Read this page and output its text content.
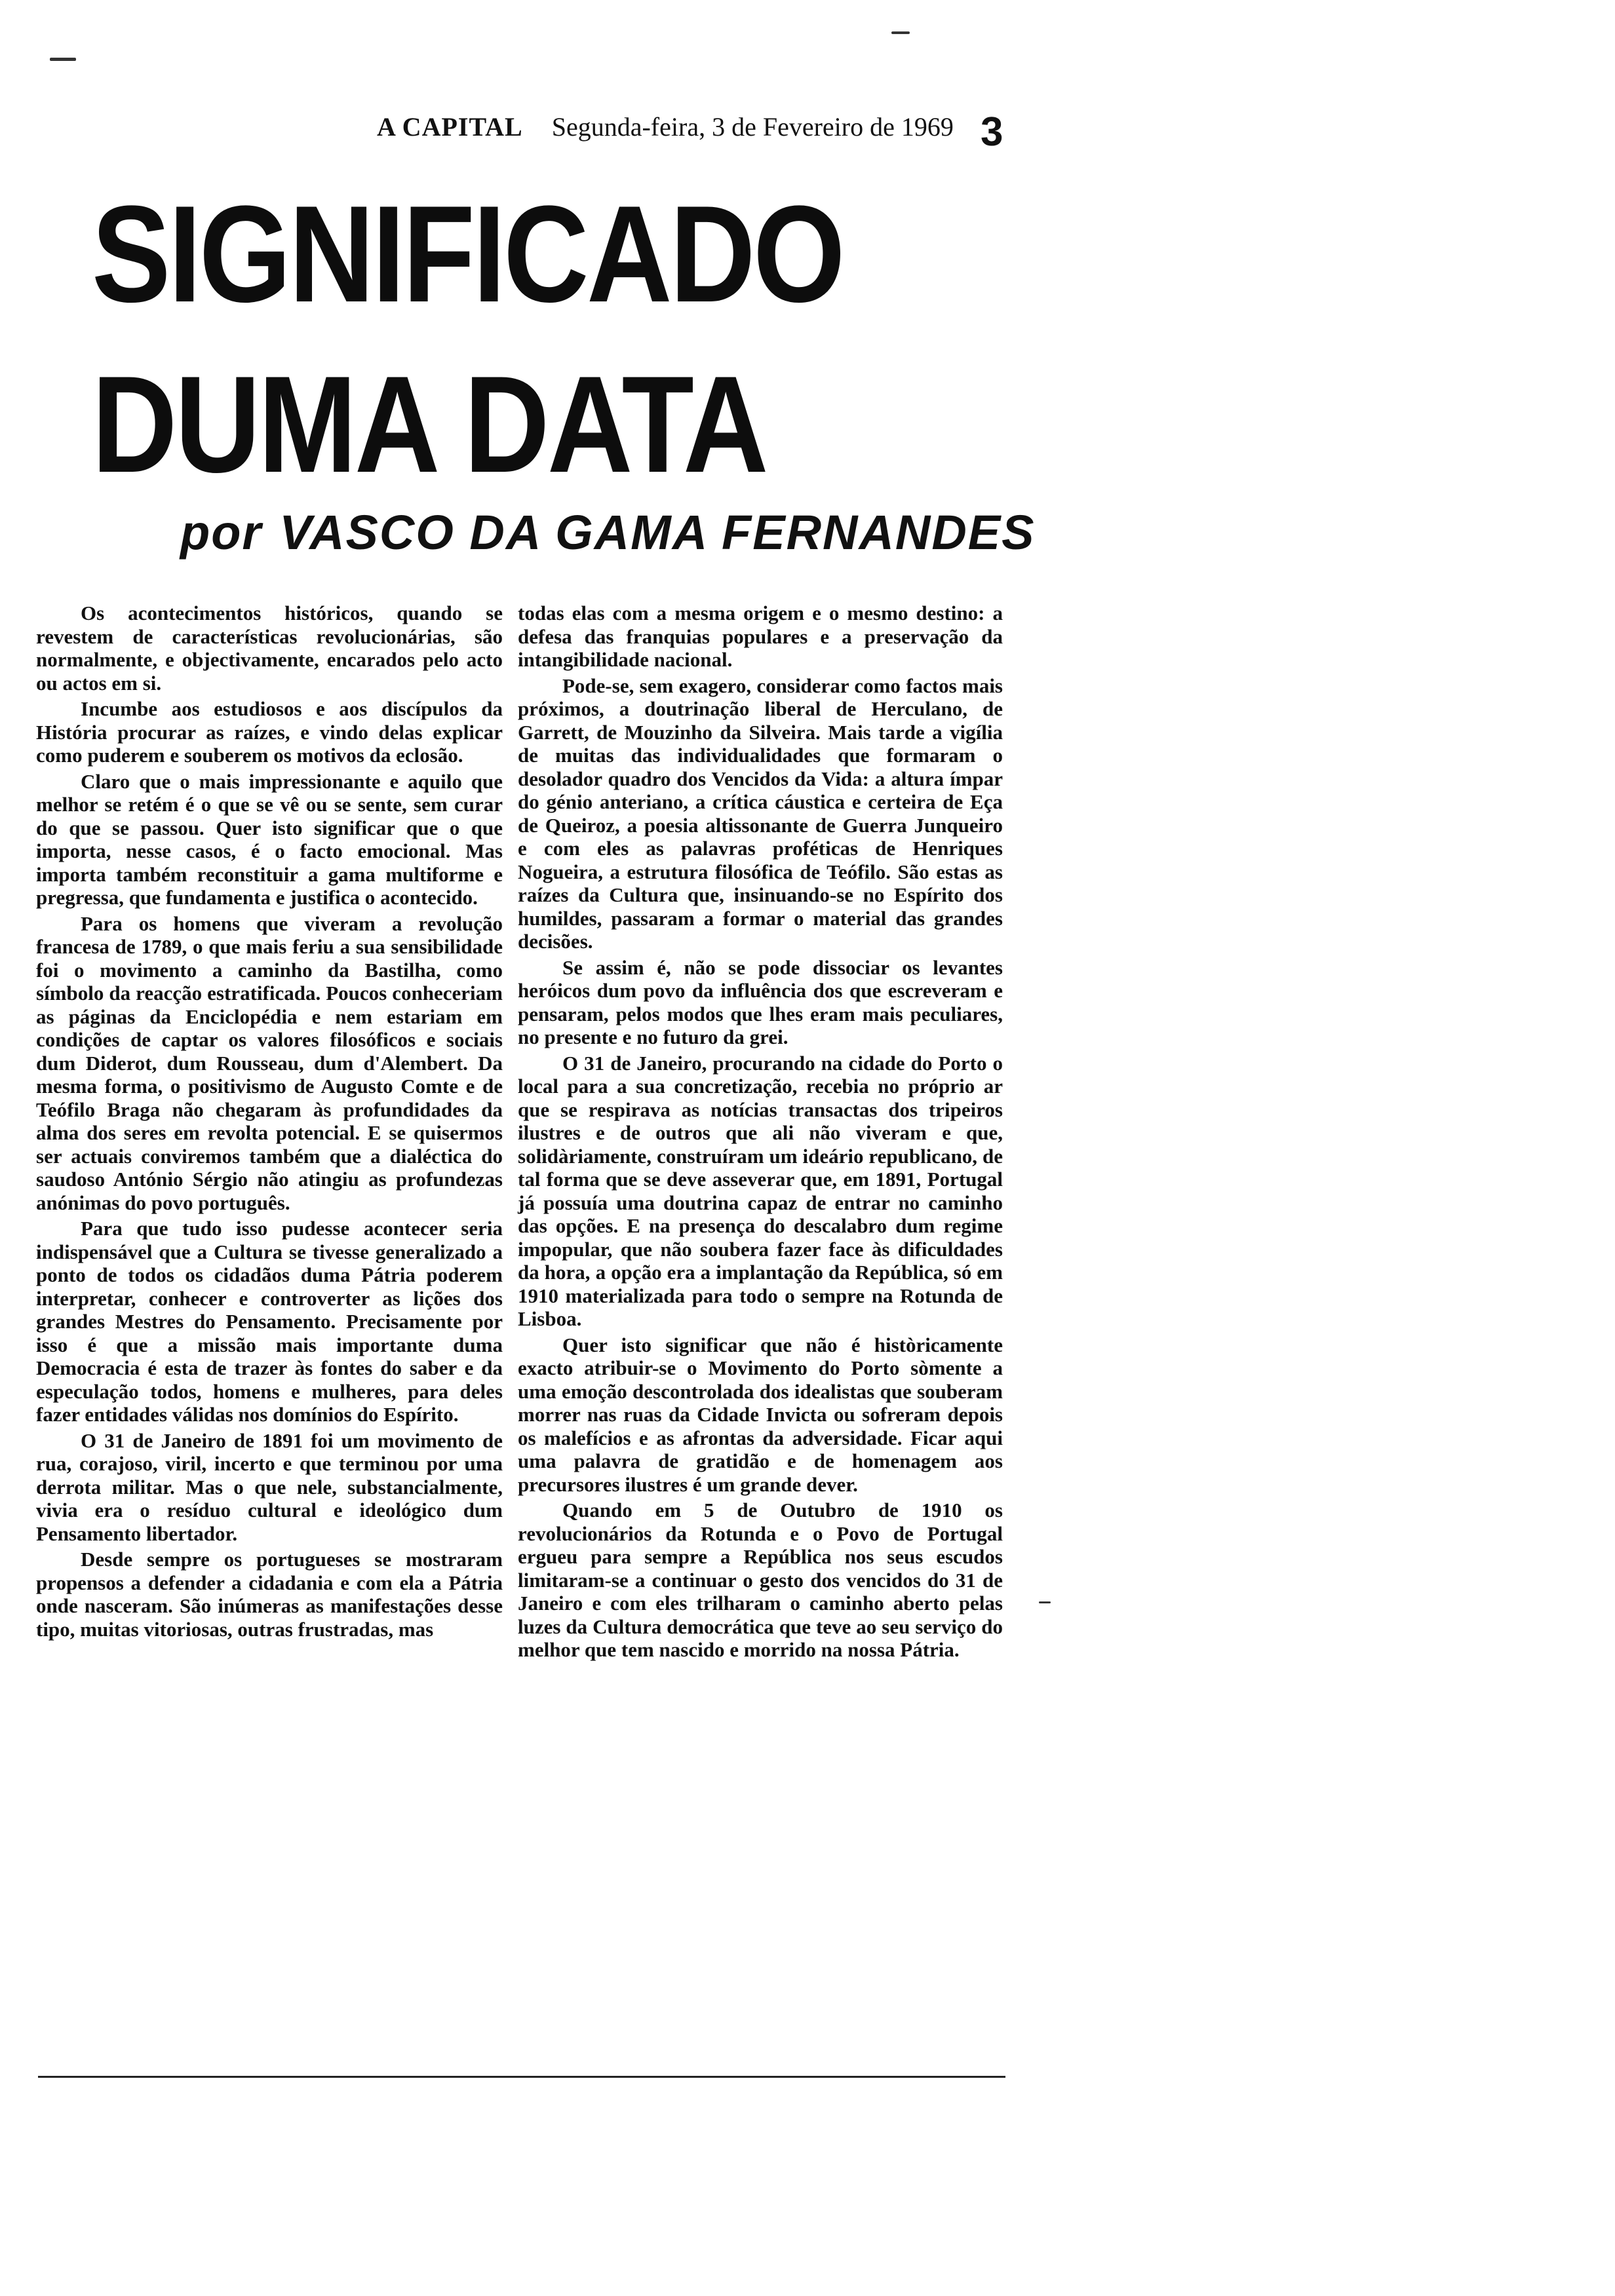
A CAPITAL Segunda-feira, 3 de Fevereiro de 1969 3
SIGNIFICADO
DUMA DATA
por VASCO DA GAMA FERNANDES

Os acontecimentos históricos, quando se revestem de características revolucionárias, são normalmente, e objectivamente, encarados pelo acto ou actos em si.

Incumbe aos estudiosos e aos discípulos da História procurar as raízes, e vindo delas explicar como puderem e souberem os motivos da eclosão.

Claro que o mais impressionante e aquilo que melhor se retém é o que se vê ou se sente, sem curar do que se passou. Quer isto significar que o que importa, nesse casos, é o facto emocional. Mas importa também reconstituir a gama multiforme e pregressa, que fundamenta e justifica o acontecido.

Para os homens que viveram a revolução francesa de 1789, o que mais feriu a sua sensibilidade foi o movimento a caminho da Bastilha, como símbolo da reacção estratificada. Poucos conheceriam as páginas da Enciclopédia e nem estariam em condições de captar os valores filosóficos e sociais dum Diderot, dum Rousseau, dum d'Alembert. Da mesma forma, o positivismo de Augusto Comte e de Teófilo Braga não chegaram às profundidades da alma dos seres em revolta potencial. E se quisermos ser actuais conviremos também que a dialéctica do saudoso António Sérgio não atingiu as profundezas anónimas do povo português.

Para que tudo isso pudesse acontecer seria indispensável que a Cultura se tivesse generalizado a ponto de todos os cidadãos duma Pátria poderem interpretar, conhecer e controverter as lições dos grandes Mestres do Pensamento. Precisamente por isso é que a missão mais importante duma Democracia é esta de trazer às fontes do saber e da especulação todos, homens e mulheres, para deles fazer entidades válidas nos domínios do Espírito.

O 31 de Janeiro de 1891 foi um movimento de rua, corajoso, viril, incerto e que terminou por uma derrota militar. Mas o que nele, substancialmente, vivia era o resíduo cultural e ideológico dum Pensamento libertador.

Desde sempre os portugueses se mostraram propensos a defender a cidadania e com ela a Pátria onde nasceram. São inúmeras as manifestações desse tipo, muitas vitoriosas, outras frustradas, mas

todas elas com a mesma origem e o mesmo destino: a defesa das franquias populares e a preservação da intangibilidade nacional.

Pode-se, sem exagero, considerar como factos mais próximos, a doutrinação liberal de Herculano, de Garrett, de Mouzinho da Silveira. Mais tarde a vigília de muitas das individualidades que formaram o desolador quadro dos Vencidos da Vida: a altura ímpar do génio anteriano, a crítica cáustica e certeira de Eça de Queiroz, a poesia altissonante de Guerra Junqueiro e com eles as palavras proféticas de Henriques Nogueira, a estrutura filosófica de Teófilo. São estas as raízes da Cultura que, insinuando-se no Espírito dos humildes, passaram a formar o material das grandes decisões.

Se assim é, não se pode dissociar os levantes heróicos dum povo da influência dos que escreveram e pensaram, pelos modos que lhes eram mais peculiares, no presente e no futuro da grei.

O 31 de Janeiro, procurando na cidade do Porto o local para a sua concretização, recebia no próprio ar que se respirava as notícias transactas dos tripeiros ilustres e de outros que ali não viveram e que, solidàriamente, construíram um ideário republicano, de tal forma que se deve asseverar que, em 1891, Portugal já possuía uma doutrina capaz de entrar no caminho das opções. E na presença do descalabro dum regime impopular, que não soubera fazer face às dificuldades da hora, a opção era a implantação da República, só em 1910 materializada para todo o sempre na Rotunda de Lisboa.

Quer isto significar que não é històricamente exacto atribuir-se o Movimento do Porto sòmente a uma emoção descontrolada dos idealistas que souberam morrer nas ruas da Cidade Invicta ou sofreram depois os malefícios e as afrontas da adversidade. Ficar aqui uma palavra de gratidão e de homenagem aos precursores ilustres é um grande dever.

Quando em 5 de Outubro de 1910 os revolucionários da Rotunda e o Povo de Portugal ergueu para sempre a República nos seus escudos limitaram-se a continuar o gesto dos vencidos do 31 de Janeiro e com eles trilharam o caminho aberto pelas luzes da Cultura democrática que teve ao seu serviço do melhor que tem nascido e morrido na nossa Pátria.
